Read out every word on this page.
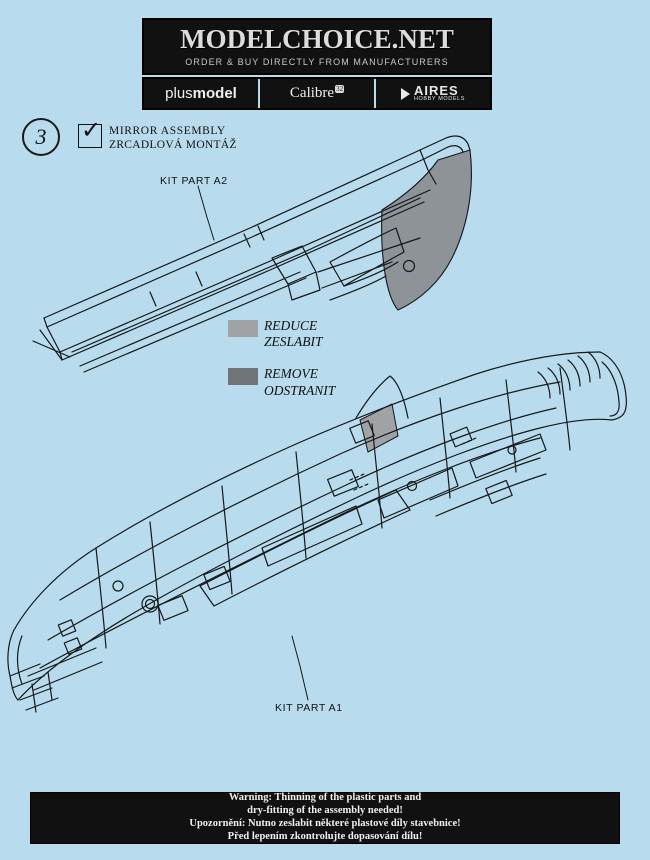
MODELCHOICE.NET
ORDER & BUY DIRECTLY FROM MANUFACTURERS
plusmodel	Calibre $^{32}$	AIRES
HOBBY MODELS
3	✓ MIRROR ASSEMBLY
ZRCADLOVÁ MONTÁŽ
KIT PART A2
KIT PART A1
REDUCE
ZESLABIT
REMOVE
ODSTRANIT
Warning: Thinning of the plastic parts and
dry-fitting of the assembly needed!
Upozornění: Nutno zeslabit některé plastové díly stavebnice!
Před lepením zkontrolujte dopasování dílu!
